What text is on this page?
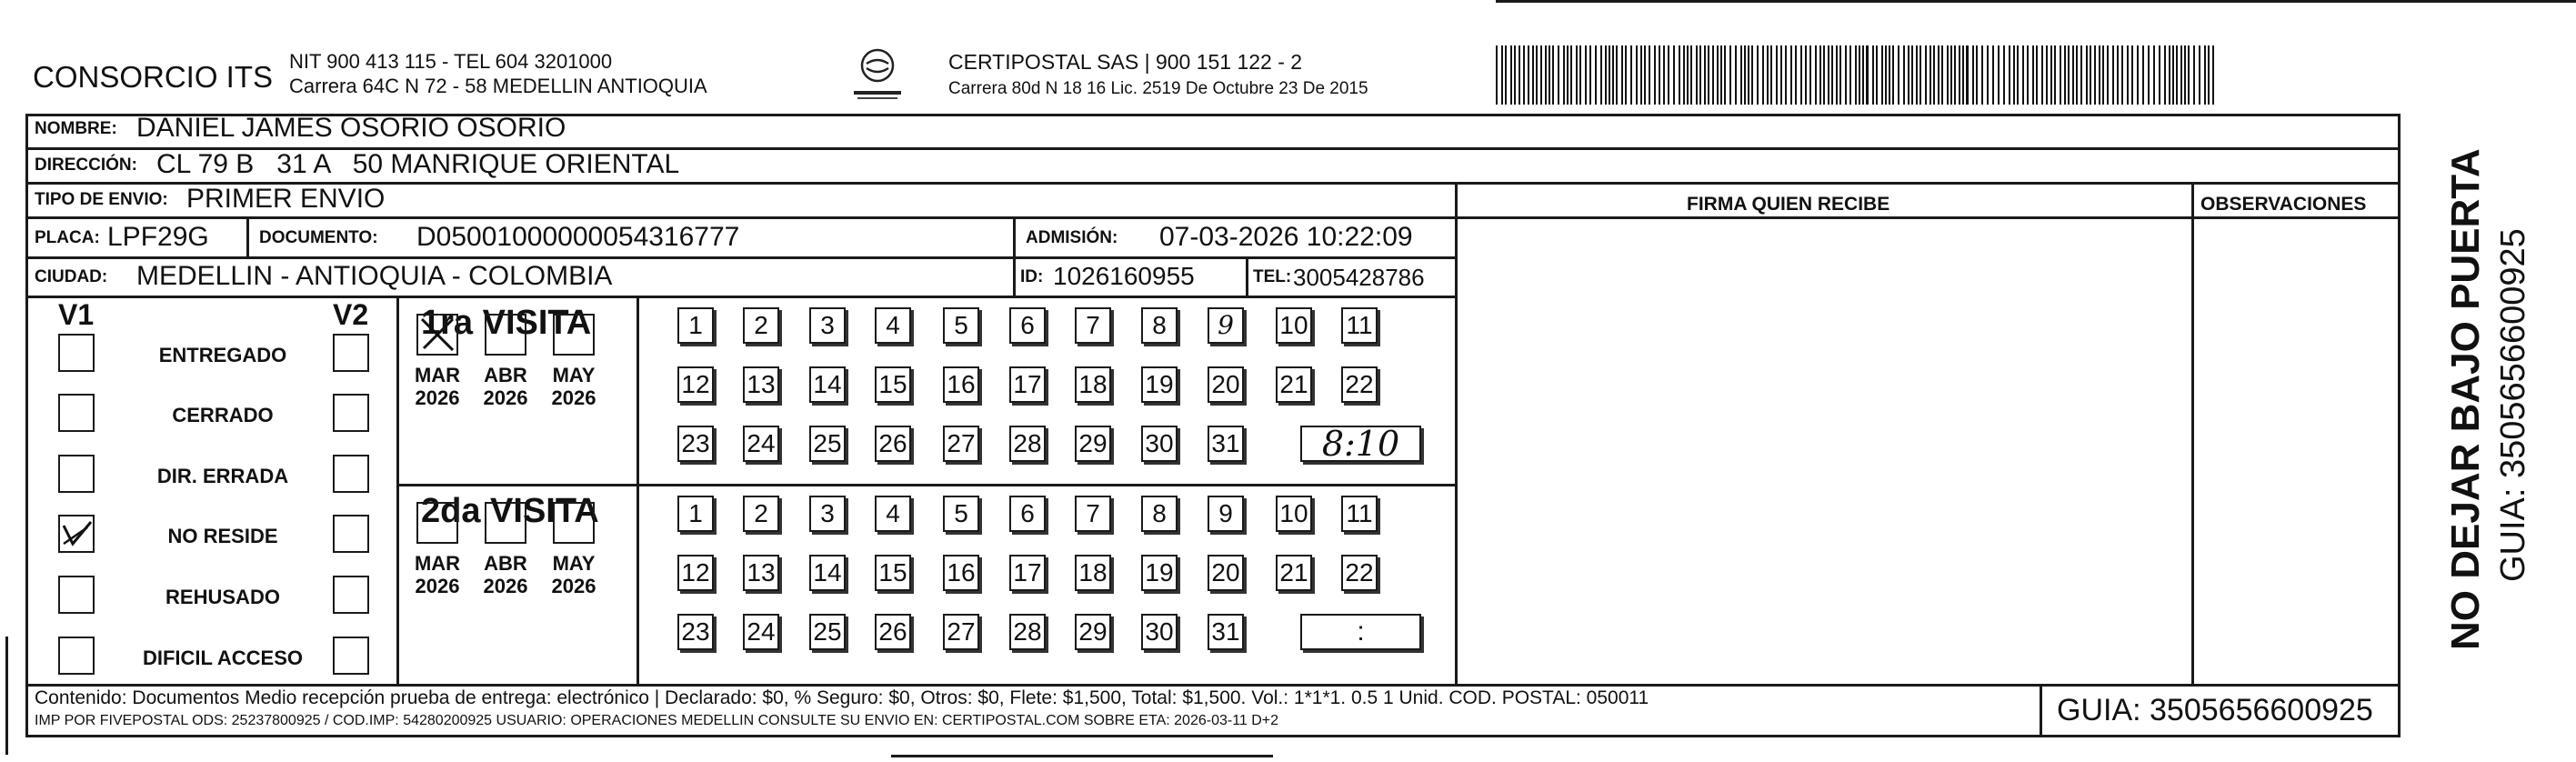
CONSORCIO ITS NIT 900 413 115 - TEL 604 3201000
Carrera 64C N 72 - 58 MEDELLIN ANTIOQUIA
CERTIPOSTAL SAS | 900 151 122 - 2
Carrera 80d N 18 16 Lic. 2519 De Octubre 23 De 2015
NOMBRE: DANIEL JAMES OSORIO OSORIO
DIRECCIÓN: CL 79 B   31 A   50 MANRIQUE ORIENTAL
TIPO DE ENVIO: PRIMER ENVIO	FIRMA QUIEN RECIBE	OBSERVACIONES
PLACA: LPF29G	DOCUMENTO: D05001000000054316777	ADMISIÓN: 07-03-2026 10:22:09
CIUDAD: MEDELLIN - ANTIOQUIA - COLOMBIA	ID: 1026160955	TEL: 3005428786
V1	V2
ENTREGADO
CERRADO
DIR. ERRADA
NO RESIDE
REHUSADO
DIFICIL ACCESO
1ra VISITA
2da VISITA
1	2	3	4	5	6	7	8	9	10 11
12 13 14 15 16 17 18 19 20 21 22
23 24 25 26 27 28 29 30 31	8:10
MAR
2026
ABR
2026
MAY
2026
1	2	3	4	5	6	7	8	9	10 11
12 13 14 15 16 17 18 19 20 21 22
23 24 25 26 27 28 29 30 31	:
MAR
2026
ABR
2026
MAY
2026
Contenido: Documentos Medio recepción prueba de entrega: electrónico | Declarado: $0, % Seguro: $0, Otros: $0, Flete: $1,500, Total: $1,500. Vol.: 1*1*1. 0.5 1 Unid. COD. POSTAL: 050011
IMP POR FIVEPOSTAL ODS: 25237800925 / COD.IMP: 54280200925 USUARIO: OPERACIONES MEDELLIN CONSULTE SU ENVIO EN: CERTIPOSTAL.COM SOBRE ETA: 2026-03-11 D+2	GUIA: 3505656600925
NO DEJAR BAJO PUERTA GUIA: 3505656600925
